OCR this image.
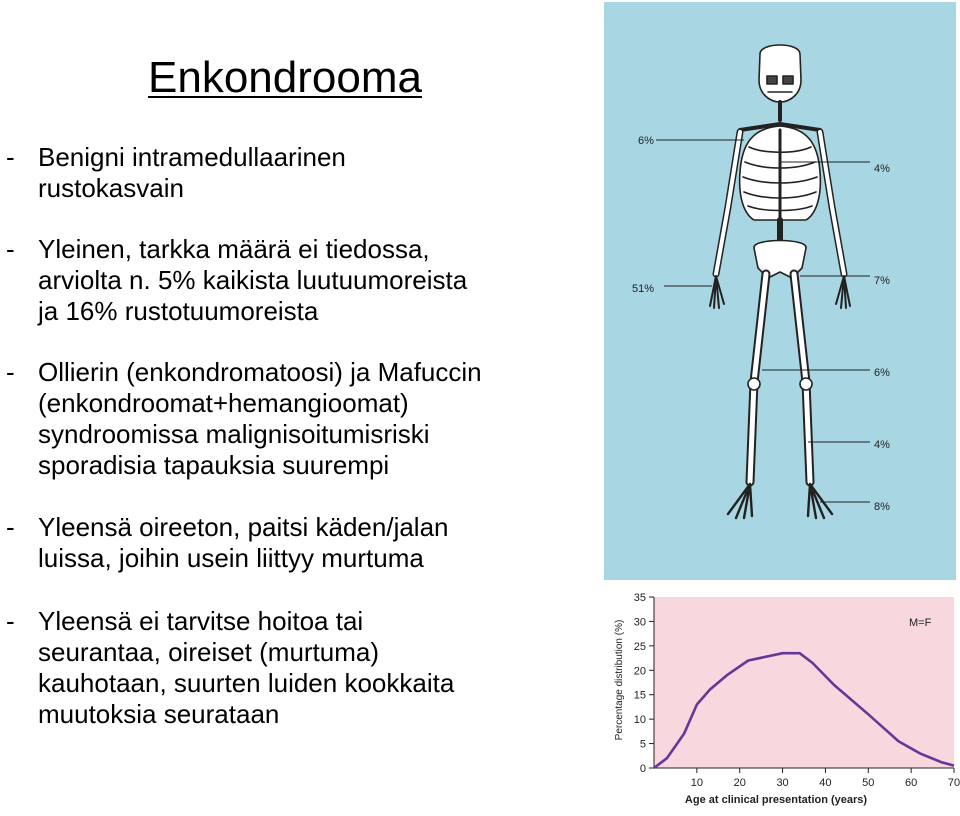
Enkondrooma
- Benigni intramedullaarinen
rustokasvain
- Yleinen, tarkka määrä ei tiedossa,
arviolta n. 5% kaikista luutuumoreista
ja 16% rustotuumoreista
- Ollierin (enkondromatoosi) ja Mafuccin
(enkondroomat+hemangioomat)
syndroomissa malignisoitumisriski
sporadisia tapauksia suurempi
- Yleensä oireeton, paitsi käden/jalan
luissa, joihin usein liittyy murtuma
- Yleensä ei tarvitse hoitoa tai
seurantaa, oireiset (murtuma)
kauhotaan, suurten luiden kookkaita
muutoksia seurataan
6%
4%
51%
7%
6%
4%
8%
0
5
10
15
20
25
30
35
10	20	30	40	50	60	70
M=F
Age at clinical presentation (years)
Percentage distribution (%)
